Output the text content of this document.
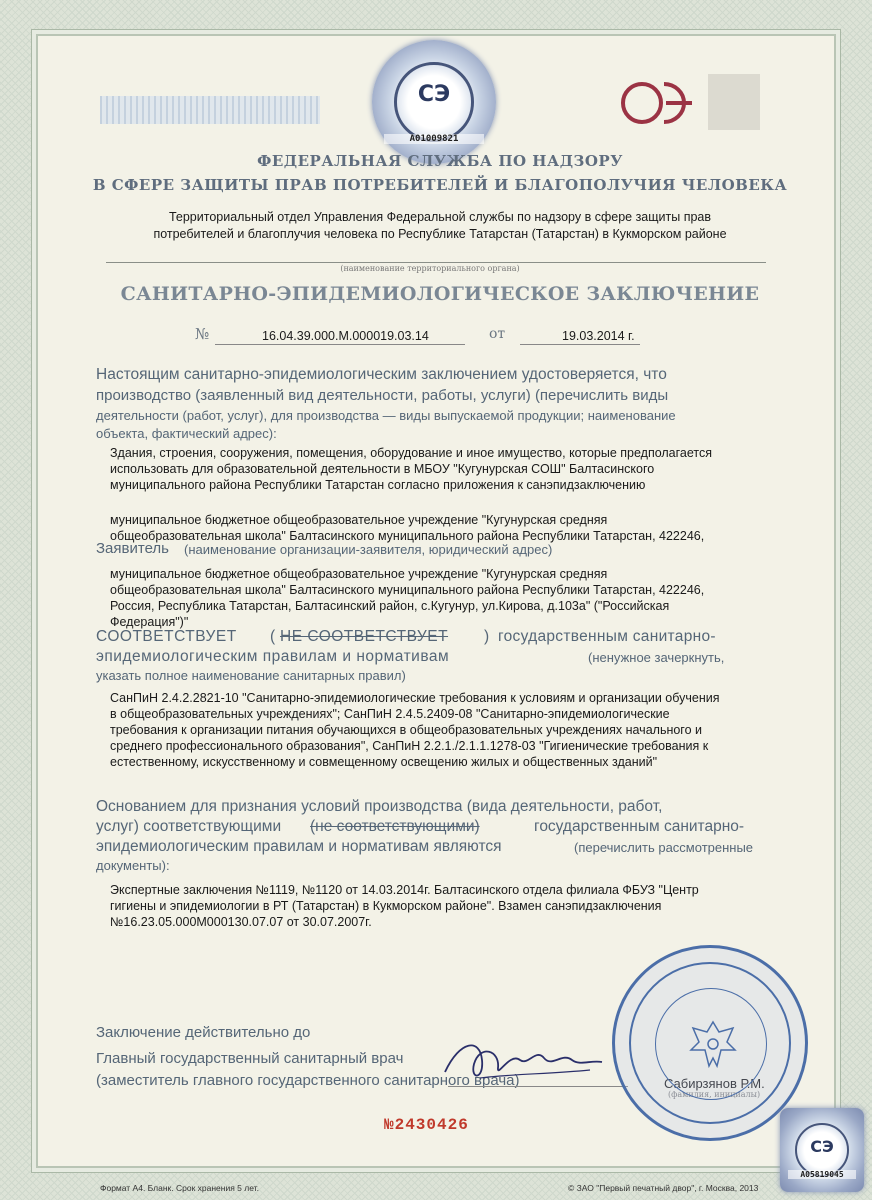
СЭ
A01009821
ФЕДЕРАЛЬНАЯ СЛУЖБА ПО НАДЗОРУ
В СФЕРЕ ЗАЩИТЫ ПРАВ ПОТРЕБИТЕЛЕЙ И БЛАГОПОЛУЧИЯ ЧЕЛОВЕКА
Территориальный отдел Управления Федеральной службы по надзору в сфере защиты прав
потребителей и благоплучия человека по Республике Татарстан (Татарстан) в Кукморском районе
(наименование территориального органа)
САНИТАРНО-ЭПИДЕМИОЛОГИЧЕСКОЕ ЗАКЛЮЧЕНИЕ
№	16.04.39.000.М.000019.03.14	от	19.03.2014 г.
Настоящим санитарно-эпидемиологическим заключением удостоверяется, что
производство (заявленный вид деятельности, работы, услуги) (перечислить виды
деятельности (работ, услуг), для производства — виды выпускаемой продукции; наименование
объекта, фактический адрес):
Здания, строения, сооружения, помещения, оборудование и иное имущество, которые предполагается
использовать для образовательной деятельности в МБОУ "Кугунурская СОШ" Балтасинского
муниципального района Республики Татарстан согласно приложения к санэпидзаключению
муниципальное бюджетное общеобразовательное учреждение "Кугунурская средняя
общеобразовательная школа" Балтасинского муниципального района Республики Татарстан, 422246,
Заявитель (наименование организации-заявителя, юридический адрес)
муниципальное бюджетное общеобразовательное учреждение "Кугунурская средняя
общеобразовательная школа" Балтасинского муниципального района Республики Татарстан, 422246,
Россия, Республика Татарстан, Балтасинский район, с.Кугунур, ул.Кирова, д.103а" ("Российская
Федерация")"
СООТВЕТСТВУЕТ ( НЕ СООТВЕТСТВУЕТ ) государственным санитарно-
эпидемиологическим правилам и нормативам	(ненужное зачеркнуть,
указать полное наименование санитарных правил)
СанПиН 2.4.2.2821-10 "Санитарно-эпидемиологические требования к условиям и организации обучения
в общеобразовательных учреждениях"; СанПиН 2.4.5.2409-08 "Санитарно-эпидемиологические
требования к организации питания обучающихся в общеобразовательных учреждениях начального и
среднего профессионального образования", СанПиН 2.2.1./2.1.1.1278-03 "Гигиенические требования к
естественному, искусственному и совмещенному освещению жилых и общественных зданий"
Основанием для признания условий производства (вида деятельности, работ,
услуг) соответствующими (не соответствующими)	государственным санитарно-
эпидемиологическим правилам и нормативам являются	(перечислить рассмотренные
документы):
Экспертные заключения №1119, №1120 от 14.03.2014г. Балтасинского отдела филиала ФБУЗ "Центр
гигиены и эпидемиологии в РТ (Татарстан) в Кукморском районе". Взамен санэпидзаключения
№16.23.05.000М000130.07.07 от 30.07.2007г.
Заключение действительно до
Главный государственный санитарный врач
(заместитель главного государственного санитарного врача)	Сабирзянов Р.М.
(фамилия, инициалы)
№2430426
СЭ
A05819045
Формат А4. Бланк. Срок хранения 5 лет.	© ЗАО "Первый печатный двор", г. Москва, 2013
